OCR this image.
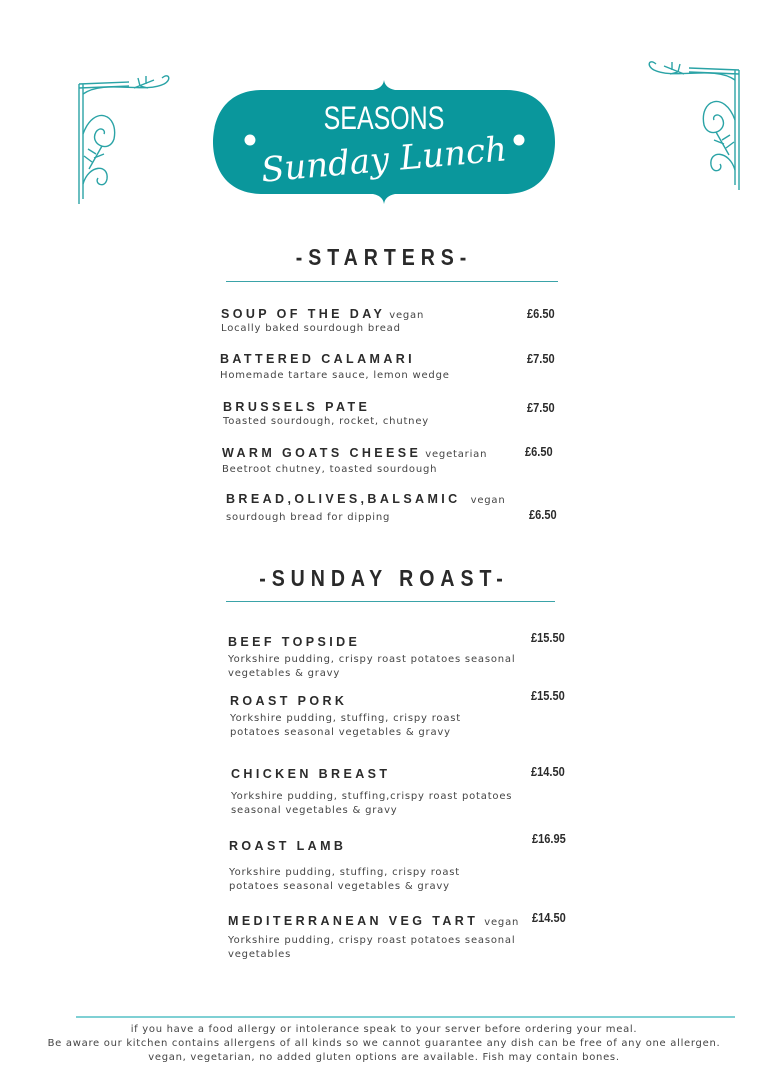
SEASONS
Sunday Lunch
-STARTERS-
SOUP OF THE DAY vegan
Locally baked sourdough bread
£6.50
BATTERED CALAMARI
Homemade tartare sauce, lemon wedge
£7.50
BRUSSELS PATE
Toasted sourdough, rocket, chutney
£7.50
WARM GOATS CHEESE vegetarian
Beetroot chutney, toasted sourdough
£6.50
BREAD,OLIVES,BALSAMIC vegan
sourdough bread for dipping	£6.50
-SUNDAY ROAST-
BEEF TOPSIDE
Yorkshire pudding, crispy roast potatoes seasonal
vegetables & gravy
£15.50
ROAST PORK
Yorkshire pudding, stuffing, crispy roast
potatoes seasonal vegetables & gravy
£15.50
CHICKEN BREAST
Yorkshire pudding, stuffing,crispy roast potatoes
seasonal vegetables & gravy
£14.50
ROAST LAMB
Yorkshire pudding, stuffing, crispy roast
potatoes seasonal vegetables & gravy
£16.95
MEDITERRANEAN VEG TART vegan
Yorkshire pudding, crispy roast potatoes seasonal
vegetables
£14.50
if you have a food allergy or intolerance speak to your server before ordering your meal.
Be aware our kitchen contains allergens of all kinds so we cannot guarantee any dish can be free of any one allergen.
vegan, vegetarian, no added gluten options are available. Fish may contain bones.
